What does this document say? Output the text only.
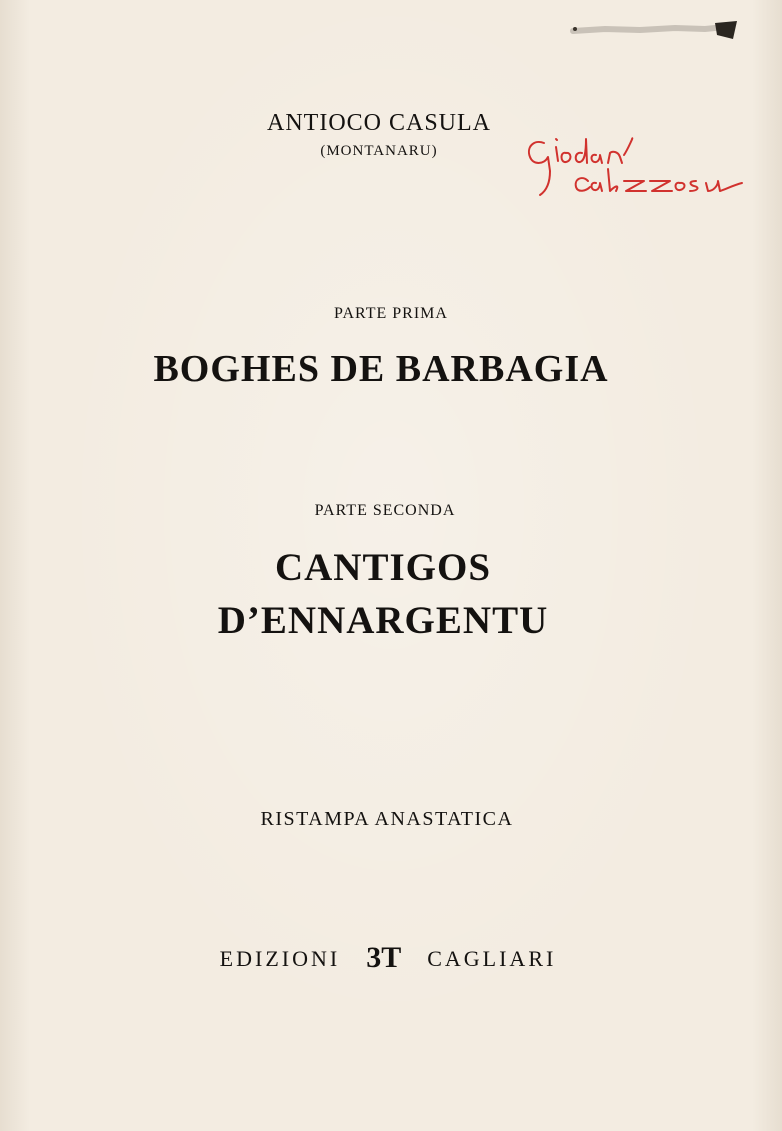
ANTIOCO CASULA
(MONTANARU)
PARTE PRIMA
BOGHES DE BARBAGIA
PARTE SECONDA
CANTIGOS
D’ENNARGENTU
RISTAMPA ANASTATICA
EDIZIONI 3T CAGLIARI
